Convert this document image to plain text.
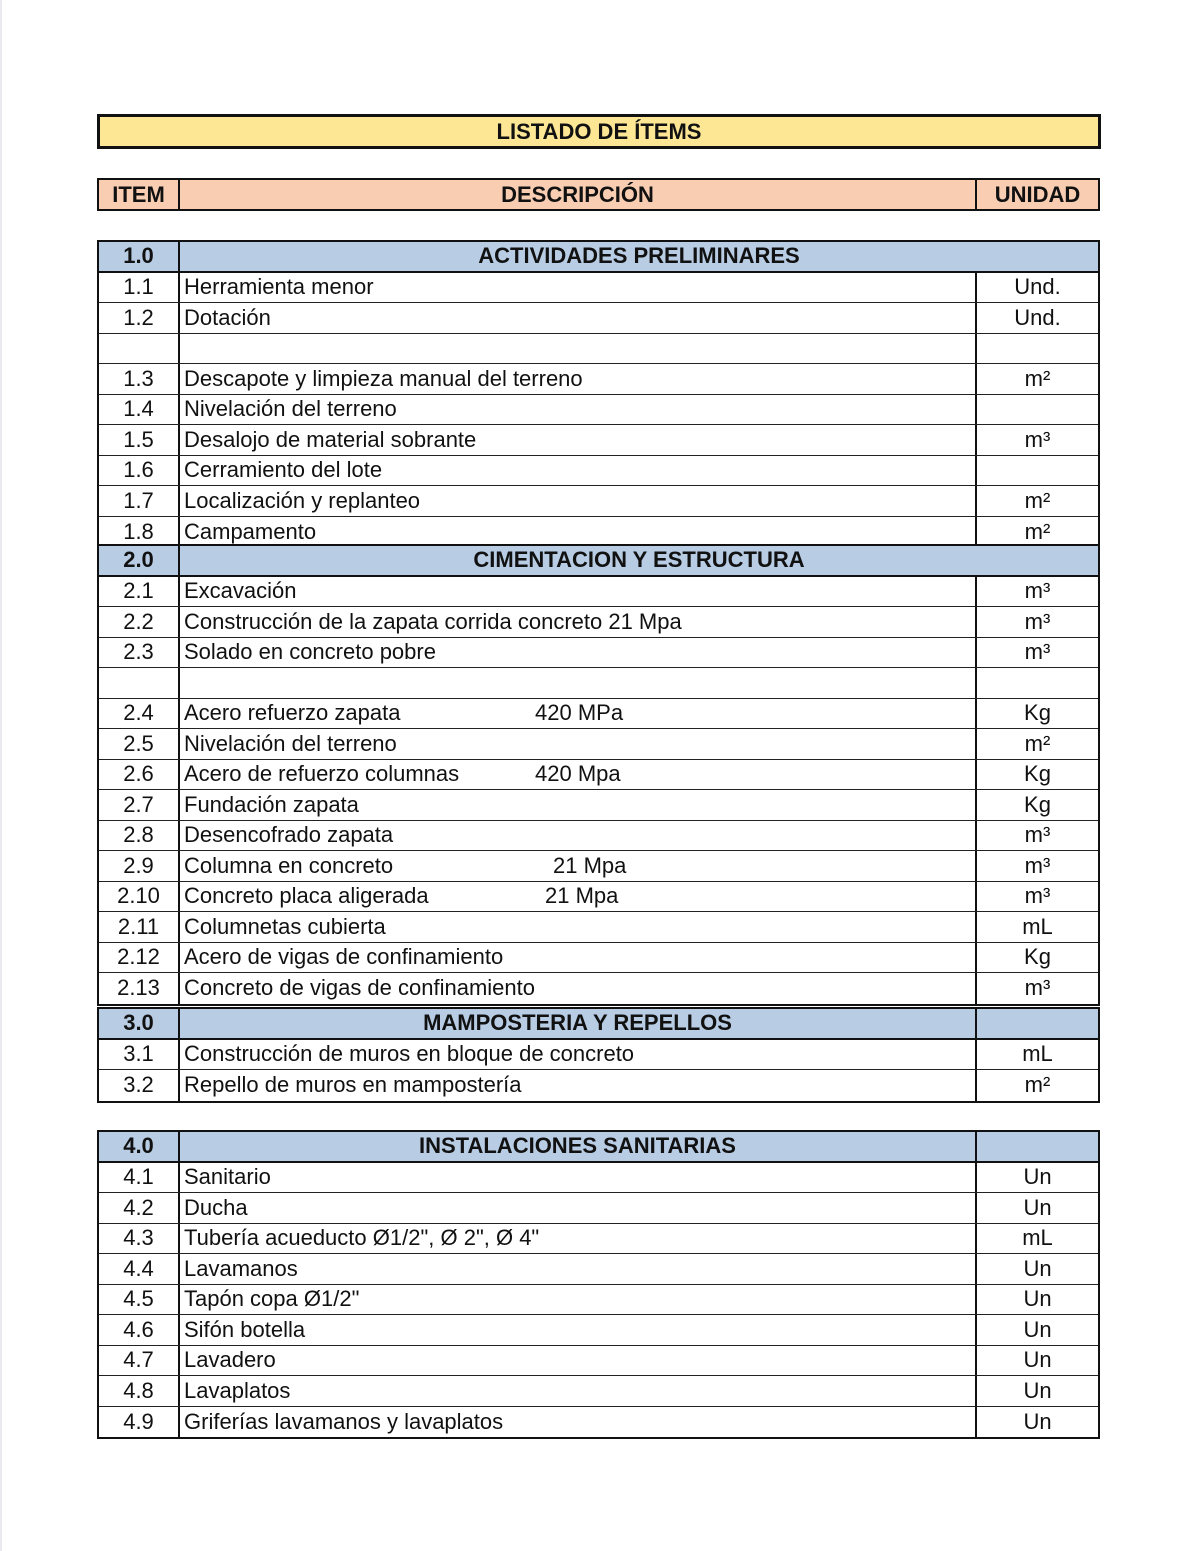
LISTADO DE ÍTEMS
ITEM	DESCRIPCIÓN	UNIDAD
1.0	ACTIVIDADES PRELIMINARES
1.1	Herramienta menor	Und.
1.2	Dotación	Und.
1.3	Descapote y limpieza manual del terreno	m²
1.4	Nivelación del terreno
1.5	Desalojo de material sobrante	m³
1.6	Cerramiento del lote
1.7	Localización y replanteo	m²
1.8	Campamento	m²
2.0	CIMENTACION Y ESTRUCTURA
2.1	Excavación	m³
2.2	Construcción de la zapata corrida concreto 21 Mpa	m³
2.3	Solado en concreto pobre	m³
2.4	Acero refuerzo zapata	420 MPa	Kg
2.5	Nivelación del terreno	m²
2.6	Acero de refuerzo columnas	420 Mpa	Kg
2.7	Fundación zapata	Kg
2.8	Desencofrado zapata	m³
2.9	Columna en concreto	21 Mpa	m³
2.10	Concreto placa aligerada	21 Mpa	m³
2.11	Columnetas cubierta	mL
2.12	Acero de vigas de confinamiento	Kg
2.13	Concreto de vigas de confinamiento	m³
3.0	MAMPOSTERIA Y REPELLOS
3.1	Construcción de muros en bloque de concreto	mL
3.2	Repello de muros en mampostería	m²
4.0	INSTALACIONES SANITARIAS
4.1	Sanitario	Un
4.2	Ducha	Un
4.3	Tubería acueducto Ø1/2", Ø 2", Ø 4"	mL
4.4	Lavamanos	Un
4.5	Tapón copa Ø1/2"	Un
4.6	Sifón botella	Un
4.7	Lavadero	Un
4.8	Lavaplatos	Un
4.9	Griferías lavamanos y lavaplatos	Un
